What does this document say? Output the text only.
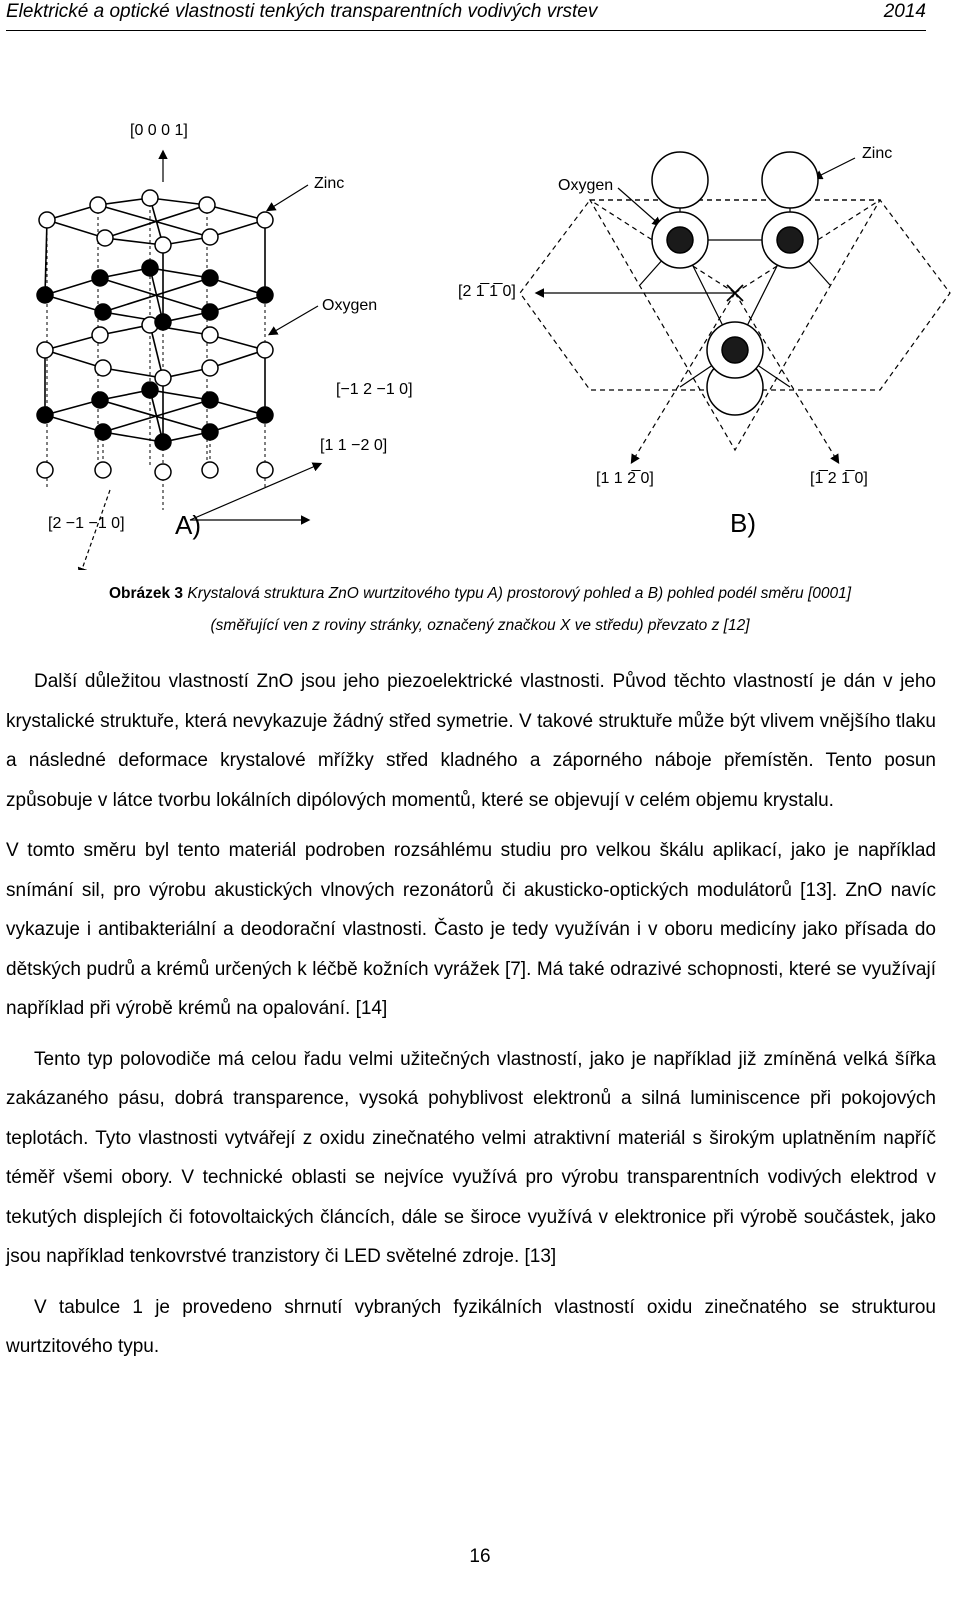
Elektrické a optické vlastnosti tenkých transparentních vodivých vrstev	2014
[0 0 0 1]
Zinc
Oxygen
[−1 2 −1 0]
[1 1 −2 0]
[2 −1 −1 0] A)
Oxygen
Zinc
[2 1̅ 1̅ 0]
[1 1 2̅ 0]	[1̅ 2 1̅ 0]
B)
Obrázek 3 Krystalová struktura ZnO wurtzitového typu A) prostorový pohled a B) pohled podél směru [0001]
(směřující ven z roviny stránky, označený značkou X ve středu) převzato z [12]

Další důležitou vlastností ZnO jsou jeho piezoelektrické vlastnosti. Původ těchto vlastností je dán v jeho krystalické struktuře, která nevykazuje žádný střed symetrie. V takové struktuře může být vlivem vnějšího tlaku a následné deformace krystalové mřížky střed kladného a záporného náboje přemístěn. Tento posun způsobuje v látce tvorbu lokálních dipólových momentů, které se objevují v celém objemu krystalu.

V tomto směru byl tento materiál podroben rozsáhlému studiu pro velkou škálu aplikací, jako je například snímání sil, pro výrobu akustických vlnových rezonátorů či akusticko-optických modulátorů [13]. ZnO navíc vykazuje i antibakteriální a deodorační vlastnosti. Často je tedy využíván i v oboru medicíny jako přísada do dětských pudrů a krémů určených k léčbě kožních vyrážek [7]. Má také odrazivé schopnosti, které se využívají například při výrobě krémů na opalování. [14]

Tento typ polovodiče má celou řadu velmi užitečných vlastností, jako je například již zmíněná velká šířka zakázaného pásu, dobrá transparence, vysoká pohyblivost elektronů a silná luminiscence při pokojových teplotách. Tyto vlastnosti vytvářejí z oxidu zinečnatého velmi atraktivní materiál s širokým uplatněním napříč téměř všemi obory. V technické oblasti se nejvíce využívá pro výrobu transparentních vodivých elektrod v tekutých displejích či fotovoltaických článcích, dále se široce využívá v elektronice při výrobě součástek, jako jsou například tenkovrstvé tranzistory či LED světelné zdroje. [13]

V tabulce 1 je provedeno shrnutí vybraných fyzikálních vlastností oxidu zinečnatého se strukturou wurtzitového typu.

16
